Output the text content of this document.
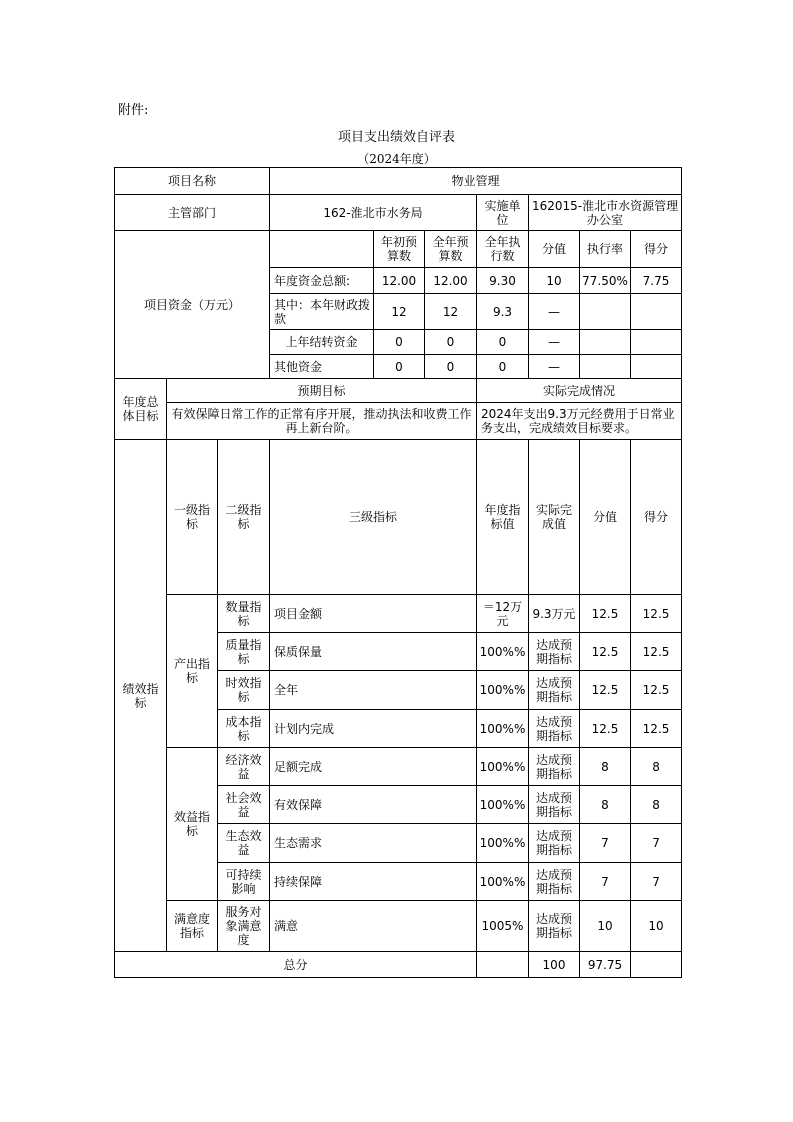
附件:
项目支出绩效自评表
（2024年度）
项目名称			物业管理							
主管部门			162-淮北市水务局			实施单位	162015-淮北市水资源管理办公室			
项目资金（万元）				年初预算数	全年预算数	全年执行数	分值	执行率	得分	
			年度资金总额:	12.00	12.00	9.30	10	77.50%	7.75	
			其中：本年财政拨款	12	12	9.3	—			
			上年结转资金	0	0	0	—			
			其他资金	0	0	0	—			
年度总体目标	预期目标					实际完成情况				
	有效保障日常工作的正常有序开展，推动执法和收费工作再上新台阶。					2024年支出9.3万元经费用于日常业务支出，完成绩效目标要求。				
绩效指标	一级指标	二级指标	三级指标			年度指标值	实际完成值	分值	得分	
	产出指标	数量指标	项目金额			＝12万元	9.3万元	12.5	12.5	
		质量指标	保质保量			100%%	达成预期指标	12.5	12.5	
		时效指标	全年			100%%	达成预期指标	12.5	12.5	
		成本指标	计划内完成			100%%	达成预期指标	12.5	12.5	
	效益指标	经济效益	足额完成			100%%	达成预期指标	8	8	
		社会效益	有效保障			100%%	达成预期指标	8	8	
		生态效益	生态需求			100%%	达成预期指标	7	7	
		可持续影响	持续保障			100%%	达成预期指标	7	7	
	满意度指标	服务对象满意度	满意			1005%	达成预期指标	10	10	
总分							100	97.75		
